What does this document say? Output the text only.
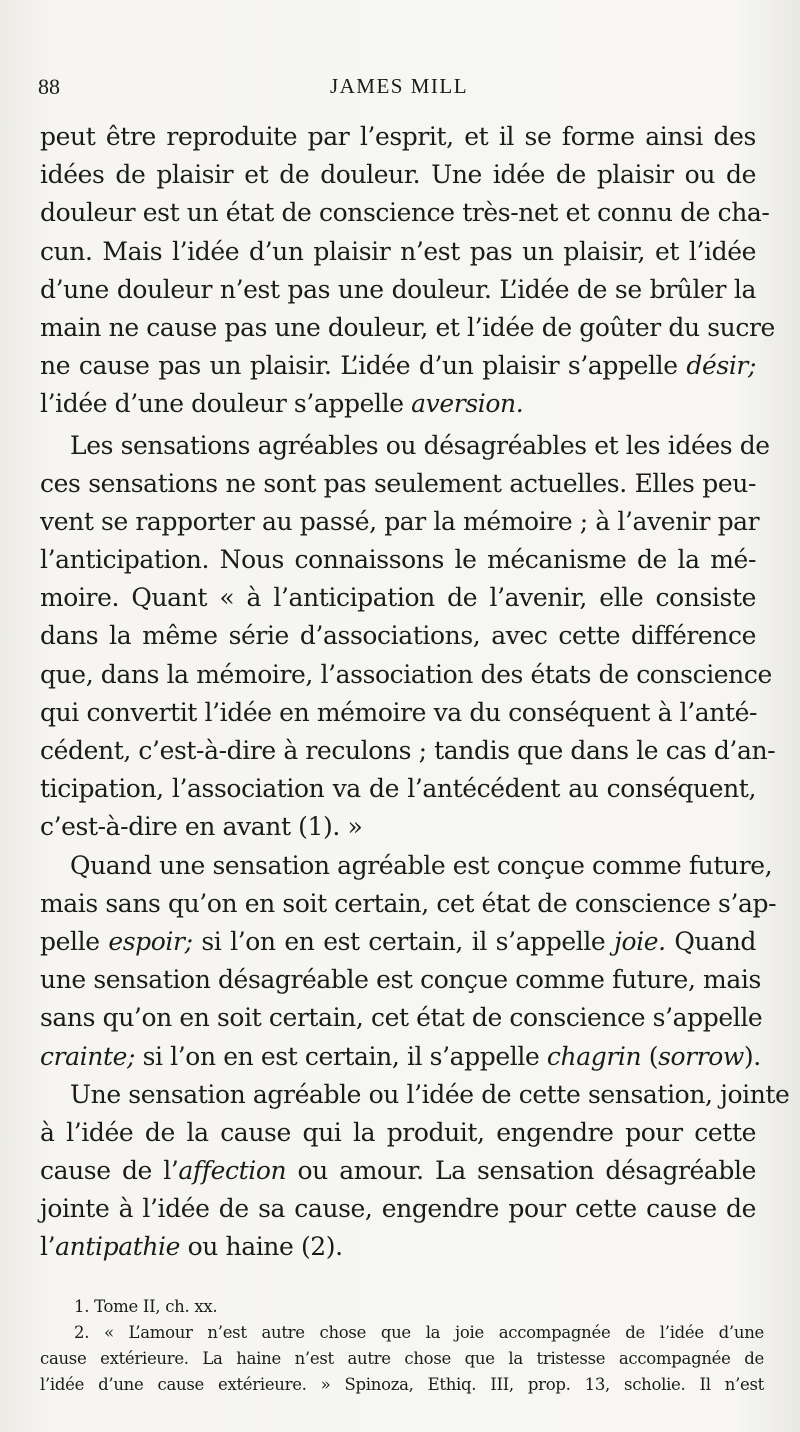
88	JAMES MILL
peut être reproduite par l’esprit, et il se forme ainsi des
idées de plaisir et de douleur. Une idée de plaisir ou de
douleur est un état de conscience très-net et connu de cha-
cun. Mais l’idée d’un plaisir n’est pas un plaisir, et l’idée
d’une douleur n’est pas une douleur. L’idée de se brûler la
main ne cause pas une douleur, et l’idée de goûter du sucre
ne cause pas un plaisir. L’idée d’un plaisir s’appelle désir;
l’idée d’une douleur s’appelle aversion.
Les sensations agréables ou désagréables et les idées de
ces sensations ne sont pas seulement actuelles. Elles peu-
vent se rapporter au passé, par la mémoire ; à l’avenir par
l’anticipation. Nous connaissons le mécanisme de la mé-
moire. Quant « à l’anticipation de l’avenir, elle consiste
dans la même série d’associations, avec cette différence
que, dans la mémoire, l’association des états de conscience
qui convertit l’idée en mémoire va du conséquent à l’anté-
cédent, c’est-à-dire à reculons ; tandis que dans le cas d’an-
ticipation, l’association va de l’antécédent au conséquent,
c’est-à-dire en avant (1). »
Quand une sensation agréable est conçue comme future,
mais sans qu’on en soit certain, cet état de conscience s’ap-
pelle espoir; si l’on en est certain, il s’appelle joie. Quand
une sensation désagréable est conçue comme future, mais
sans qu’on en soit certain, cet état de conscience s’appelle
crainte; si l’on en est certain, il s’appelle chagrin (sorrow).
Une sensation agréable ou l’idée de cette sensation, jointe
à l’idée de la cause qui la produit, engendre pour cette
cause de l’affection ou amour. La sensation désagréable
jointe à l’idée de sa cause, engendre pour cette cause de
l’antipathie ou haine (2).
1. Tome II, ch. xx.
2. « L’amour n’est autre chose que la joie accompagnée de l’idée d’une
cause extérieure. La haine n’est autre chose que la tristesse accompagnée de
l’idée d’une cause extérieure. » Spinoza, Ethiq. III, prop. 13, scholie. Il n’est
